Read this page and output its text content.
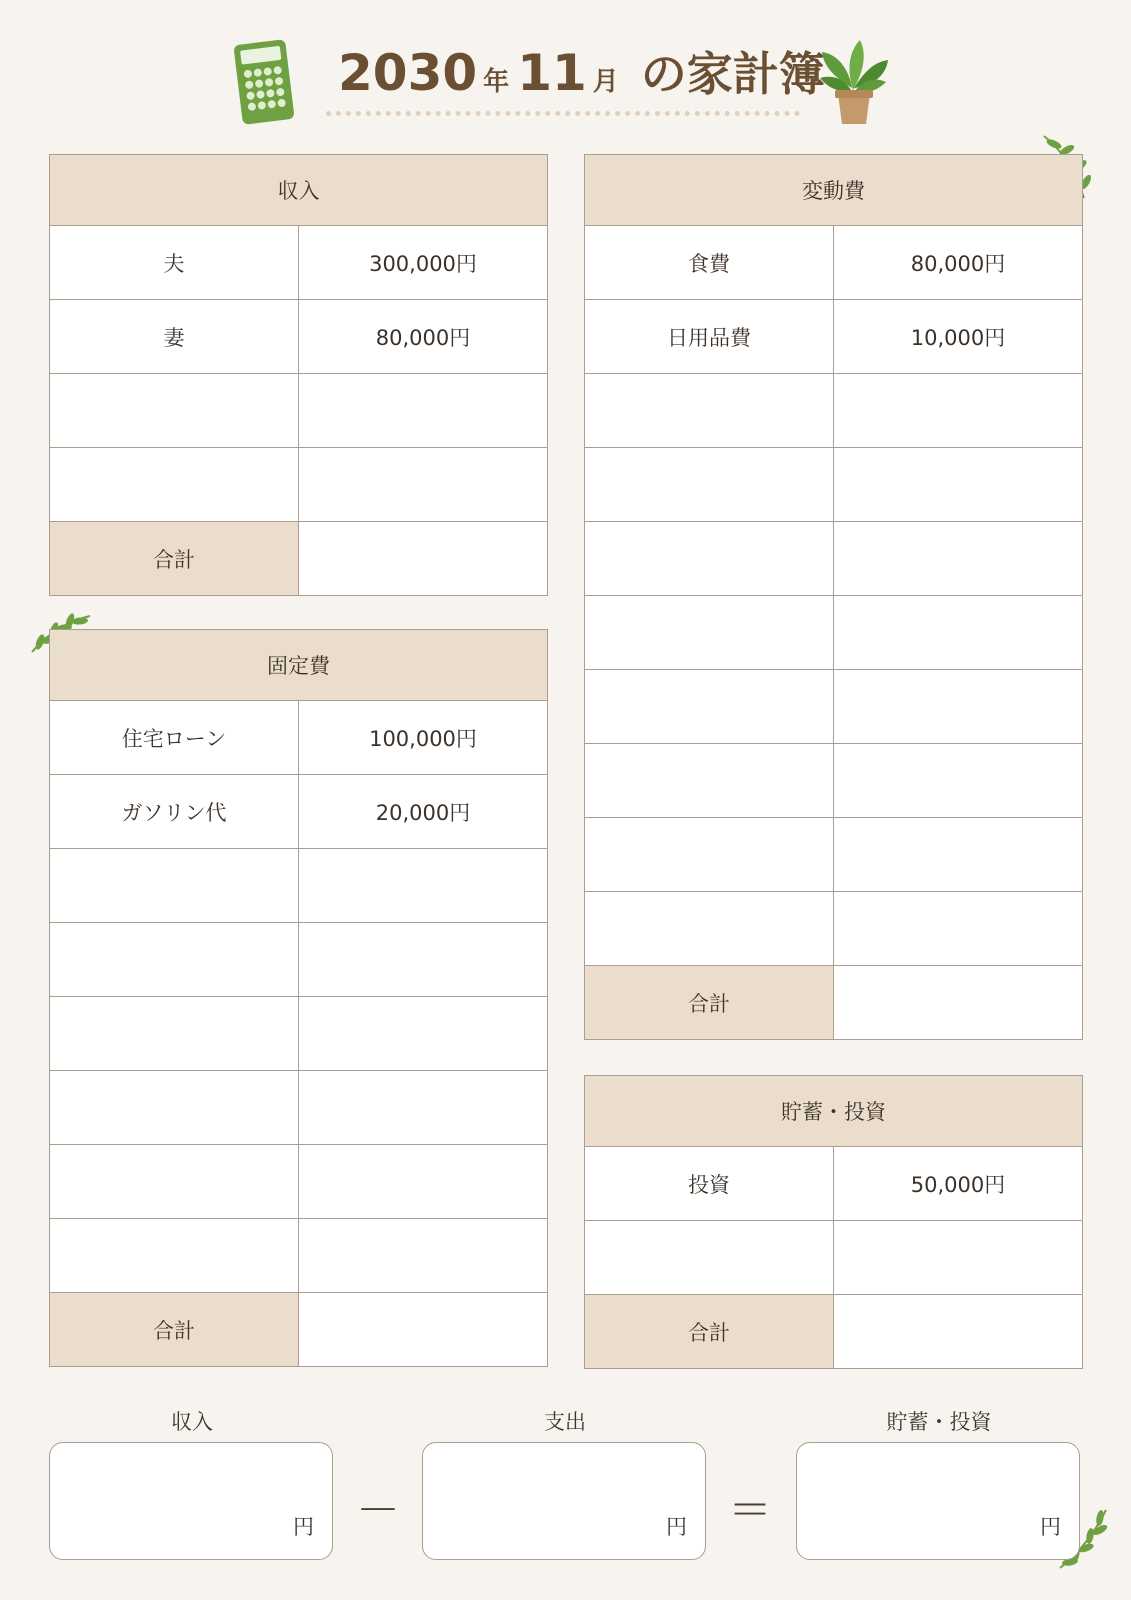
2030 年 11 月 の家計簿
収入	
夫	300,000円
妻	80,000円

合計	
固定費	
住宅ローン	100,000円
ガソリン代	20,000円

合計	
変動費	
食費	80,000円
日用品費	10,000円

合計	
貯蓄・投資	
投資	50,000円

合計	
収入
円 －
支出
円 ＝
貯蓄・投資
円
